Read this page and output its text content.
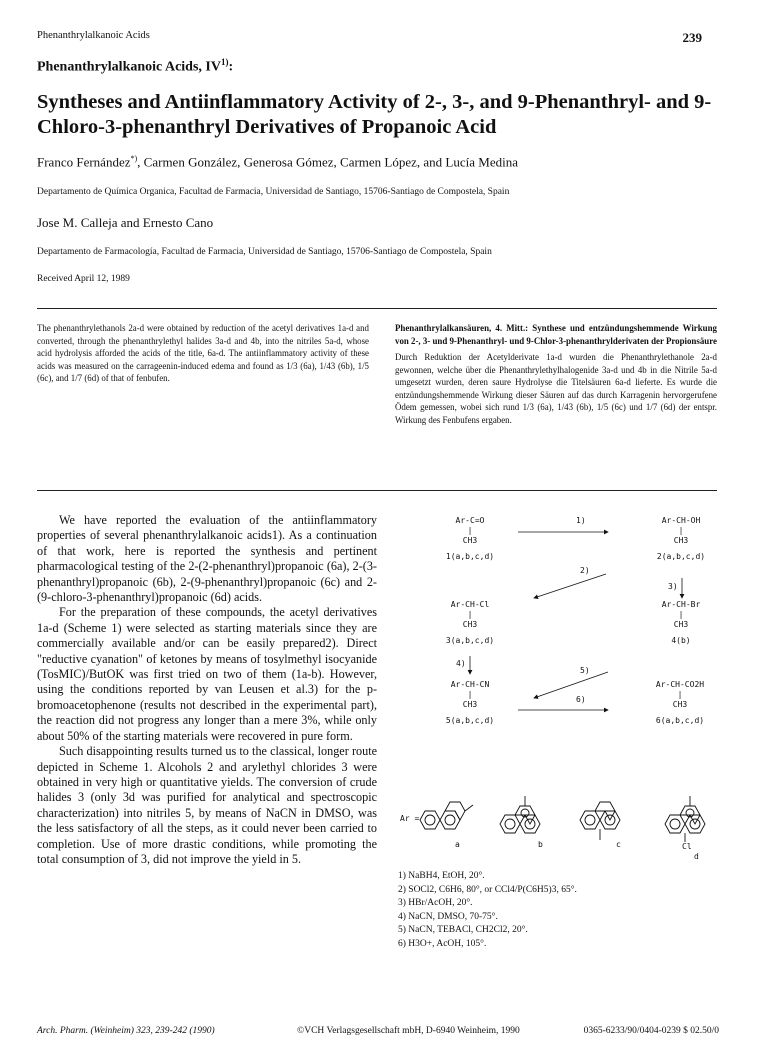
Phenanthrylalkanoic Acids	239
Phenanthrylalkanoic Acids, IV$^{1)}$:
Syntheses and Antiinflammatory Activity of 2-, 3-, and 9-Phenanthryl- and 9-Chloro-3-phenanthryl Derivatives of Propanoic Acid
Franco Fernández*), Carmen González, Generosa Gómez, Carmen López, and Lucía Medina
Departamento de Química Organica, Facultad de Farmacia, Universidad de Santiago, 15706-Santiago de Compostela, Spain
Jose M. Calleja and Ernesto Cano
Departamento de Farmacología, Facultad de Farmacia, Universidad de Santiago, 15706-Santiago de Compostela, Spain
Received April 12, 1989
The phenanthrylethanols 2a-d were obtained by reduction of the acetyl derivatives 1a-d and converted, through the phenanthrylethyl halides 3a-d and 4b, into the nitriles 5a-d, whose acid hydrolysis afforded the acids of the title, 6a-d. The antiinflammatory activity of these acids was measured on the carrageenin-induced edema and found as 1/3 (6a), 1/43 (6b), 1/5 (6c), and 1/7 (6d) of that of fenbufen.
Phenanthrylalkansäuren, 4. Mitt.: Synthese und entzündungshemmende Wirkung von 2-, 3- und 9-Phenanthryl- und 9-Chlor-3-phenanthrylderivaten der Propionsäure
Durch Reduktion der Acetylderivate 1a-d wurden die Phenanthrylethanole 2a-d gewonnen, welche über die Phenanthrylethylhalogenide 3a-d und 4b in die Nitrile 5a-d umgesetzt wurden, deren saure Hydrolyse die Titelsäuren 6a-d lieferte. Es wurde die entzündungshemmende Wirkung dieser Säuren auf das durch Karragenin hervorgerufene Ödem gemessen, wobei sich rund 1/3 (6a), 1/43 (6b), 1/5 (6c) und 1/7 (6d) der entspr. Wirkung des Fenbufens ergaben.

We have reported the evaluation of the antiinflammatory properties of several phenanthrylalkanoic acids1). As a continuation of that work, here is reported the synthesis and pertinent pharmacological testing of the 2-(2-phenanthryl)propanoic (6a), 2-(3-phenanthryl)propanoic (6b), 2-(9-phenanthryl)propanoic (6c) and 2-(9-chloro-3-phenanthryl)propanoic (6d) acids.

For the preparation of these compounds, the acetyl derivatives 1a-d (Scheme 1) were selected as starting materials since they are commercially available and/or can be easily prepared2). Direct "reductive cyanation" of ketones by means of tosylmethyl isocyanide (TosMIC)/ButOK was first tried on two of them (1a-b). However, using the conditions reported by van Leusen et al.3) for the p-bromoacetophenone (results not described in the experimental part), the reaction did not progress any longer than a mere 3%, while only about 50% of the starting materials were recovered in pure form.

Such disappointing results turned us to the classical, longer route depicted in Scheme 1. Alcohols 2 and arylethyl chlorides 3 were obtained in very high or quantitative yields. The conversion of crude halides 3 (only 3d was purified for analytical and spectroscopic characterization) into nitriles 5, by means of NaCN in DMSO, was the less satisfactory of all the steps, as it could never been carried to completion. Use of more drastic conditions, while promoting the total consumption of 3, did not improve the yield in 5.

Ar-C=O
|
CH3
1(a,b,c,d)
Ar-CH-OH
|
CH3
2(a,b,c,d)
Ar-CH-Cl
|
CH3
3(a,b,c,d)
Ar-CH-Br
|
CH3
4(b)
Ar-CH-CN
|
CH3
5(a,b,c,d)
Ar-CH-CO2H
|
CH3
6(a,b,c,d)
1)
2)
3)
4)
5)
6)
Ar =
a	b	c	Cl
d
1) NaBH4, EtOH, 20°.
2) SOCl2, C6H6, 80°, or CCl4/P(C6H5)3, 65°.
3) HBr/AcOH, 20°.
4) NaCN, DMSO, 70-75°.
5) NaCN, TEBACl, CH2Cl2, 20°.
6) H3O+, AcOH, 105°.
Arch. Pharm. (Weinheim) 323, 239-242 (1990)	©VCH Verlagsgesellschaft mbH, D-6940 Weinheim, 1990	0365-6233/90/0404-0239 $ 02.50/0
